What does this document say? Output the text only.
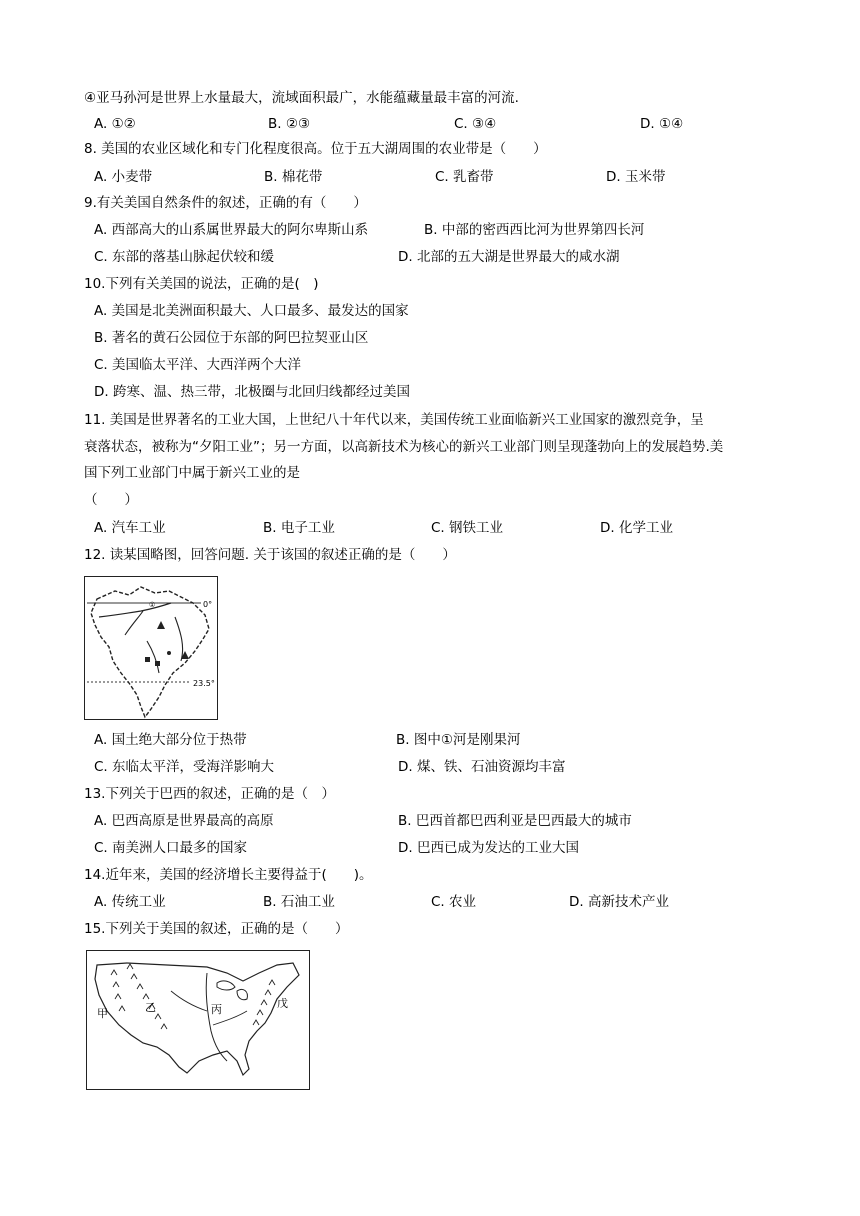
④亚马孙河是世界上水量最大，流域面积最广，水能蕴藏量最丰富的河流.
A. ①②	B. ②③	C. ③④	D. ①④
8. 美国的农业区域化和专门化程度很高。位于五大湖周围的农业带是（　　）
A. 小麦带	B. 棉花带	C. 乳畜带	D. 玉米带
9.有关美国自然条件的叙述，正确的有（　　）
A. 西部高大的山系属世界最大的阿尔卑斯山系	B. 中部的密西西比河为世界第四长河
C. 东部的落基山脉起伏较和缓	D. 北部的五大湖是世界最大的咸水湖
10.下列有关美国的说法，正确的是(　)
A. 美国是北美洲面积最大、人口最多、最发达的国家
B. 著名的黄石公园位于东部的阿巴拉契亚山区
C. 美国临太平洋、大西洋两个大洋
D. 跨寒、温、热三带，北极圈与北回归线都经过美国
11. 美国是世界著名的工业大国，上世纪八十年代以来，美国传统工业面临新兴工业国家的激烈竞争，呈
衰落状态，被称为“夕阳工业”；另一方面，以高新技术为核心的新兴工业部门则呈现蓬勃向上的发展趋势.美
国下列工业部门中属于新兴工业的是
（　　）
A. 汽车工业	B. 电子工业	C. 钢铁工业	D. 化学工业
12. 读某国略图，回答问题. 关于该国的叙述正确的是（　　）
0°
23.5°
①
A. 国土绝大部分位于热带	B. 图中①河是刚果河
C. 东临太平洋，受海洋影响大	D. 煤、铁、石油资源均丰富
13.下列关于巴西的叙述，正确的是（　）
A. 巴西高原是世界最高的高原	B. 巴西首都巴西利亚是巴西最大的城市
C. 南美洲人口最多的国家	D. 巴西已成为发达的工业大国
14.近年来，美国的经济增长主要得益于(　　)。
A. 传统工业	B. 石油工业	C. 农业	D. 高新技术产业
15.下列关于美国的叙述，正确的是（　　）
甲	乙	丙	戊
